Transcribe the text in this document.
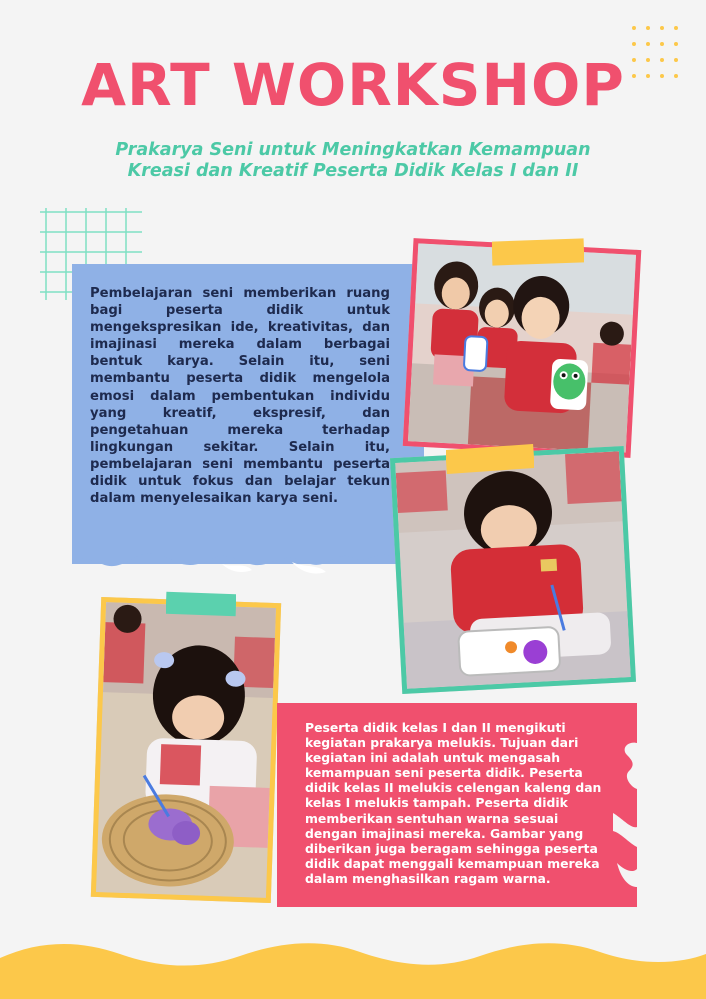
ART WORKSHOP
Prakarya Seni untuk Meningkatkan Kemampuan
Kreasi dan Kreatif Peserta Didik Kelas I dan II
Pembelajaran seni memberikan ruang bagi peserta didik untuk mengekspresikan ide, kreativitas, dan imajinasi mereka dalam berbagai bentuk karya. Selain itu, seni membantu peserta didik mengelola emosi dalam pembentukan individu yang kreatif, ekspresif, dan pengetahuan mereka terhadap lingkungan sekitar. Selain itu, pembelajaran seni membantu peserta didik untuk fokus dan belajar tekun dalam menyelesaikan karya seni.
Peserta didik kelas I dan II mengikuti kegiatan prakarya melukis. Tujuan dari kegiatan ini adalah untuk mengasah kemampuan seni peserta didik. Peserta didik kelas II melukis celengan kaleng dan kelas I melukis tampah. Peserta didik memberikan sentuhan warna sesuai dengan imajinasi mereka. Gambar yang diberikan juga beragam sehingga peserta didik dapat menggali kemampuan mereka dalam menghasilkan ragam warna.
